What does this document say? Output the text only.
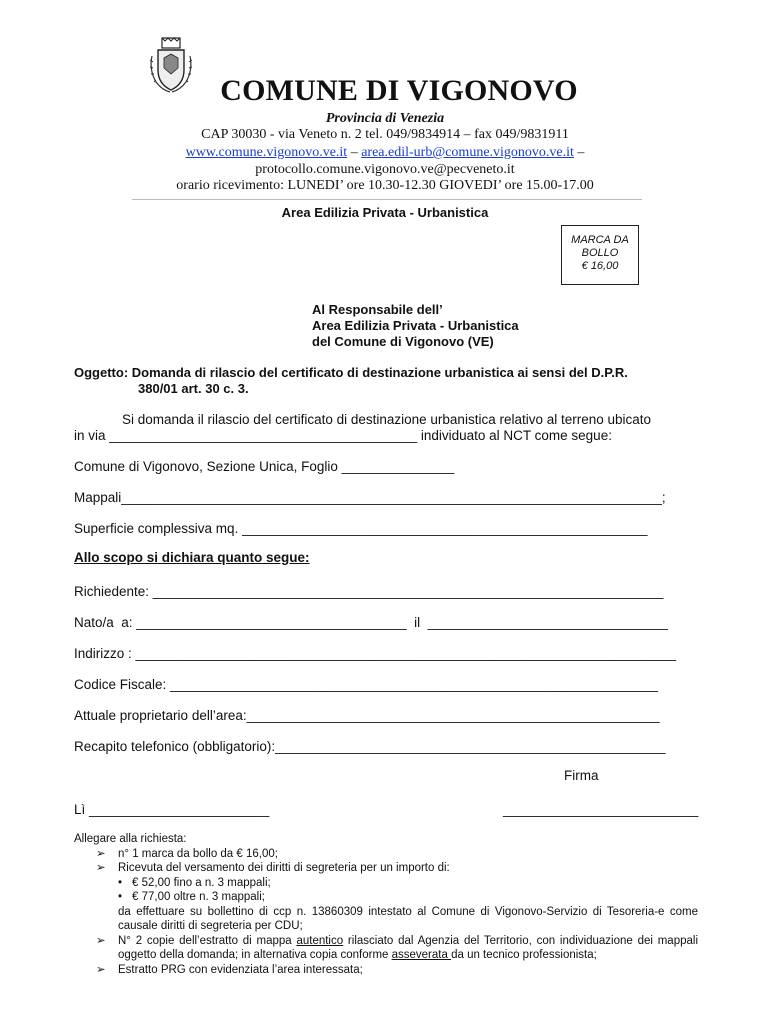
COMUNE DI VIGONOVO
Provincia di Venezia
CAP 30030 - via Veneto n. 2 tel. 049/9834914 – fax 049/9831911
www.comune.vigonovo.ve.it – area.edil-urb@comune.vigonovo.ve.it –
protocollo.comune.vigonovo.ve@pecveneto.it
orario ricevimento: LUNEDI’ ore 10.30-12.30 GIOVEDI’ ore 15.00-17.00
Area Edilizia Privata - Urbanistica
MARCA DA
BOLLO
€ 16,00
Al Responsabile dell’
Area Edilizia Privata - Urbanistica
del Comune di Vigonovo (VE)
Oggetto: Domanda di rilascio del certificato di destinazione urbanistica ai sensi del D.P.R.
380/01 art. 30 c. 3.
Si domanda il rilascio del certificato di destinazione urbanistica relativo al terreno ubicato
in via _________________________________________ individuato al NCT come segue:
Comune di Vigonovo, Sezione Unica, Foglio _______________
Mappali________________________________________________________________________;
Superficie complessiva mq. ______________________________________________________
Allo scopo si dichiara quanto segue:
Richiedente: ____________________________________________________________________
Nato/a  a: ____________________________________  il  ________________________________
Indirizzo : ________________________________________________________________________
Codice Fiscale: _________________________________________________________________
Attuale proprietario dell’area:_______________________________________________________
Recapito telefonico (obbligatorio):____________________________________________________
Firma
Lì ________________________	__________________________
Allegare alla richiesta:
➢ n° 1 marca da bollo da € 16,00;
➢ Ricevuta del versamento dei diritti di segreteria per un importo di:
• € 52,00 fino a n. 3 mappali;
• € 77,00 oltre n. 3 mappali;
da effettuare su bollettino di ccp n. 13860309 intestato al Comune di Vigonovo-Servizio di Tesoreria-e come causale diritti di segreteria per CDU;
➢ N° 2 copie dell’estratto di mappa autentico rilasciato dal Agenzia del Territorio, con individuazione dei mappali oggetto della domanda; in alternativa copia conforme asseverata da un tecnico professionista;
➢ Estratto PRG con evidenziata l’area interessata;
